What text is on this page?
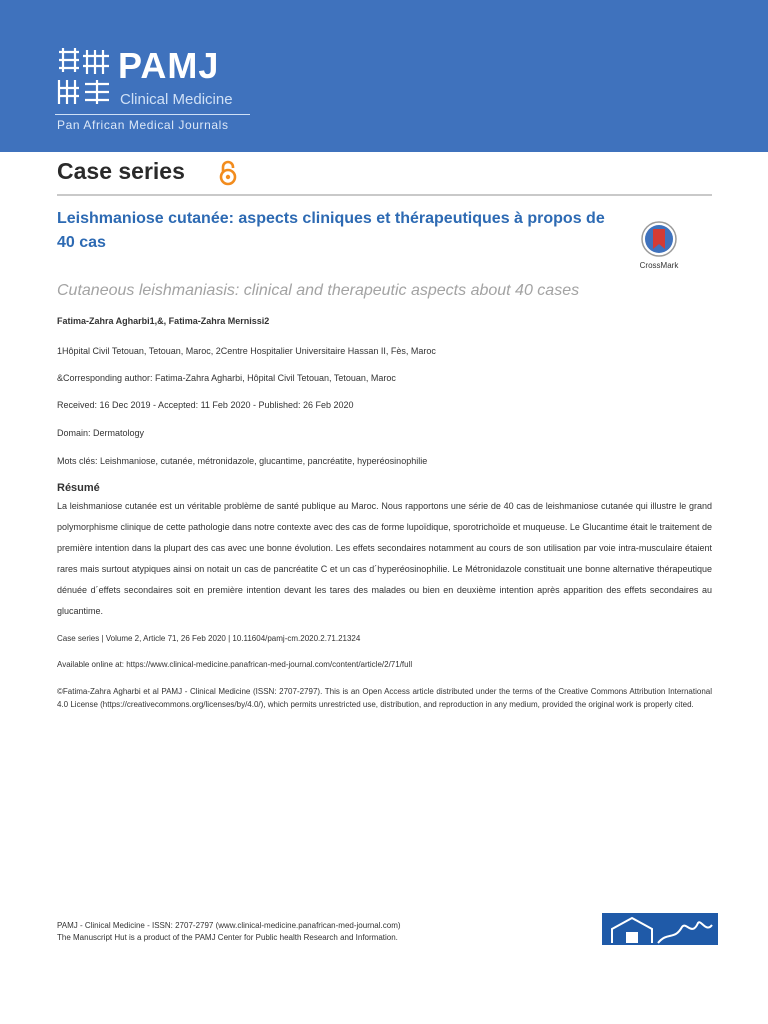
PAMJ
Clinical Medicine
Pan African Medical Journals
Case series
Leishmaniose cutanée: aspects cliniques et thérapeutiques à propos de 40 cas
CrossMark
Cutaneous leishmaniasis: clinical and therapeutic aspects about 40 cases
Fatima-Zahra Agharbi1,&, Fatima-Zahra Mernissi2
1Hôpital Civil Tetouan, Tetouan, Maroc, 2Centre Hospitalier Universitaire Hassan II, Fès, Maroc
&Corresponding author: Fatima-Zahra Agharbi, Hôpital Civil Tetouan, Tetouan, Maroc
Received: 16 Dec 2019 - Accepted: 11 Feb 2020 - Published: 26 Feb 2020
Domain: Dermatology
Mots clés: Leishmaniose, cutanée, métronidazole, glucantime, pancréatite, hyperéosinophilie
Résumé
La leishmaniose cutanée est un véritable problème de santé publique au Maroc. Nous rapportons une série de 40 cas de leishmaniose cutanée qui illustre le grand polymorphisme clinique de cette pathologie dans notre contexte avec des cas de forme lupoïdique, sporotrichoïde et muqueuse. Le Glucantime était le traitement de première intention dans la plupart des cas avec une bonne évolution. Les effets secondaires notamment au cours de son utilisation par voie intra-musculaire étaient rares mais surtout atypiques ainsi on notait un cas de pancréatite C et un cas d´hyperéosinophilie. Le Métronidazole constituait une bonne alternative thérapeutique dénuée d´effets secondaires soit en première intention devant les tares des malades ou bien en deuxième intention après apparition des effets secondaires au glucantime.
Case series | Volume 2, Article 71, 26 Feb 2020 | 10.11604/pamj-cm.2020.2.71.21324
Available online at: https://www.clinical-medicine.panafrican-med-journal.com/content/article/2/71/full
©Fatima-Zahra Agharbi et al PAMJ - Clinical Medicine (ISSN: 2707-2797). This is an Open Access article distributed under the terms of the Creative Commons Attribution International 4.0 License (https://creativecommons.org/licenses/by/4.0/), which permits unrestricted use, distribution, and reproduction in any medium, provided the original work is properly cited.
PAMJ - Clinical Medicine - ISSN: 2707-2797 (www.clinical-medicine.panafrican-med-journal.com)
The Manuscript Hut is a product of the PAMJ Center for Public health Research and Information.
